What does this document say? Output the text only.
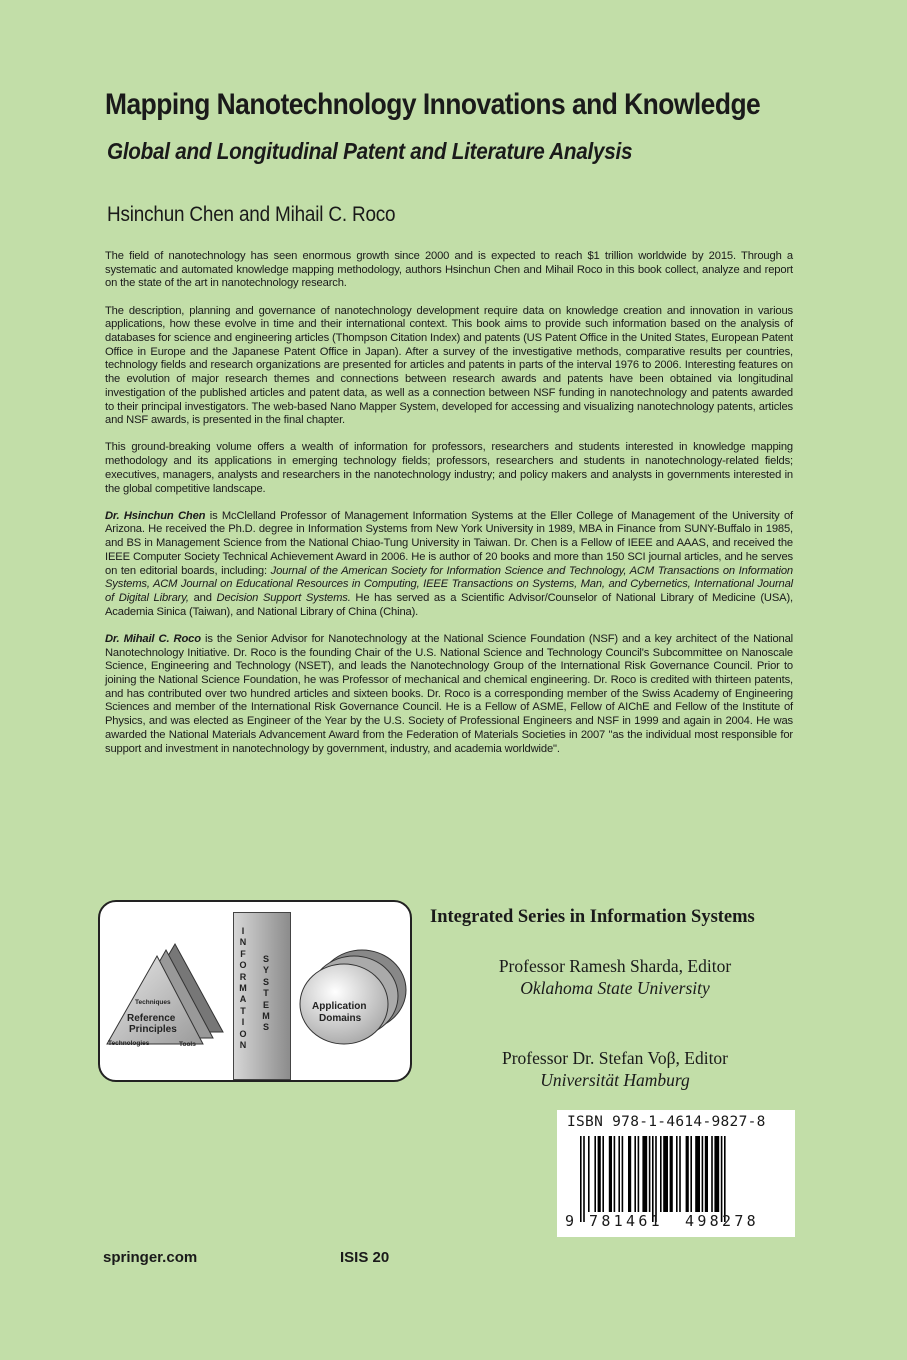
Mapping Nanotechnology Innovations and Knowledge
Global and Longitudinal Patent and Literature Analysis
Hsinchun Chen and Mihail C. Roco

The field of nanotechnology has seen enormous growth since 2000 and is expected to reach $1 trillion worldwide by 2015. Through a systematic and automated knowledge mapping methodology, authors Hsinchun Chen and Mihail Roco in this book collect, analyze and report on the state of the art in nanotechnology research.

The description, planning and governance of nanotechnology development require data on knowledge creation and innovation in various applications, how these evolve in time and their international context. This book aims to provide such information based on the analysis of databases for science and engineering articles (Thompson Citation Index) and patents (US Patent Office in the United States, European Patent Office in Europe and the Japanese Patent Office in Japan). After a survey of the investigative methods, comparative results per countries, technology fields and research organizations are presented for articles and patents in parts of the interval 1976 to 2006. Interesting features on the evolution of major research themes and connections between research awards and patents have been obtained via longitudinal investigation of the published articles and patent data, as well as a connection between NSF funding in nanotechnology and patents awarded to their principal investigators. The web-based Nano Mapper System, developed for accessing and visualizing nanotechnology patents, articles and NSF awards, is presented in the final chapter.

This ground-breaking volume offers a wealth of information for professors, researchers and students interested in knowledge mapping methodology and its applications in emerging technology fields; professors, researchers and students in nanotechnology-related fields; executives, managers, analysts and researchers in the nanotechnology industry; and policy makers and analysts in governments interested in the global competitive landscape.

Dr. Hsinchun Chen is McClelland Professor of Management Information Systems at the Eller College of Management of the University of Arizona. He received the Ph.D. degree in Information Systems from New York University in 1989, MBA in Finance from SUNY-Buffalo in 1985, and BS in Management Science from the National Chiao-Tung University in Taiwan. Dr. Chen is a Fellow of IEEE and AAAS, and received the IEEE Computer Society Technical Achievement Award in 2006. He is author of 20 books and more than 150 SCI journal articles, and he serves on ten editorial boards, including: Journal of the American Society for Information Science and Technology, ACM Transactions on Information Systems, ACM Journal on Educational Resources in Computing, IEEE Transactions on Systems, Man, and Cybernetics, International Journal of Digital Library, and Decision Support Systems. He has served as a Scientific Advisor/Counselor of National Library of Medicine (USA), Academia Sinica (Taiwan), and National Library of China (China).

Dr. Mihail C. Roco is the Senior Advisor for Nanotechnology at the National Science Foundation (NSF) and a key architect of the National Nanotechnology Initiative. Dr. Roco is the founding Chair of the U.S. National Science and Technology Council's Subcommittee on Nanoscale Science, Engineering and Technology (NSET), and leads the Nanotechnology Group of the International Risk Governance Council. Prior to joining the National Science Foundation, he was Professor of mechanical and chemical engineering. Dr. Roco is credited with thirteen patents, and has contributed over two hundred articles and sixteen books. Dr. Roco is a corresponding member of the Swiss Academy of Engineering Sciences and member of the International Risk Governance Council. He is a Fellow of ASME, Fellow of AIChE and Fellow of the Institute of Physics, and was elected as Engineer of the Year by the U.S. Society of Professional Engineers and NSF in 1999 and again in 2004. He was awarded the National Materials Advancement Award from the Federation of Materials Societies in 2007 "as the individual most responsible for support and investment in nanotechnology by government, industry, and academia worldwide".

I
N
F
O
R
M
A
T
I
O
N
S
Y
S
T
E
M
S
Techniques
Reference
Principles
Technologies	Tools
Application
Domains
Integrated Series in Information Systems
Professor Ramesh Sharda, Editor
Oklahoma State University
Professor Dr. Stefan Voβ, Editor
Universität Hamburg
ISBN 978-1-4614-9827-8
9 781461 498278
springer.com	ISIS 20
